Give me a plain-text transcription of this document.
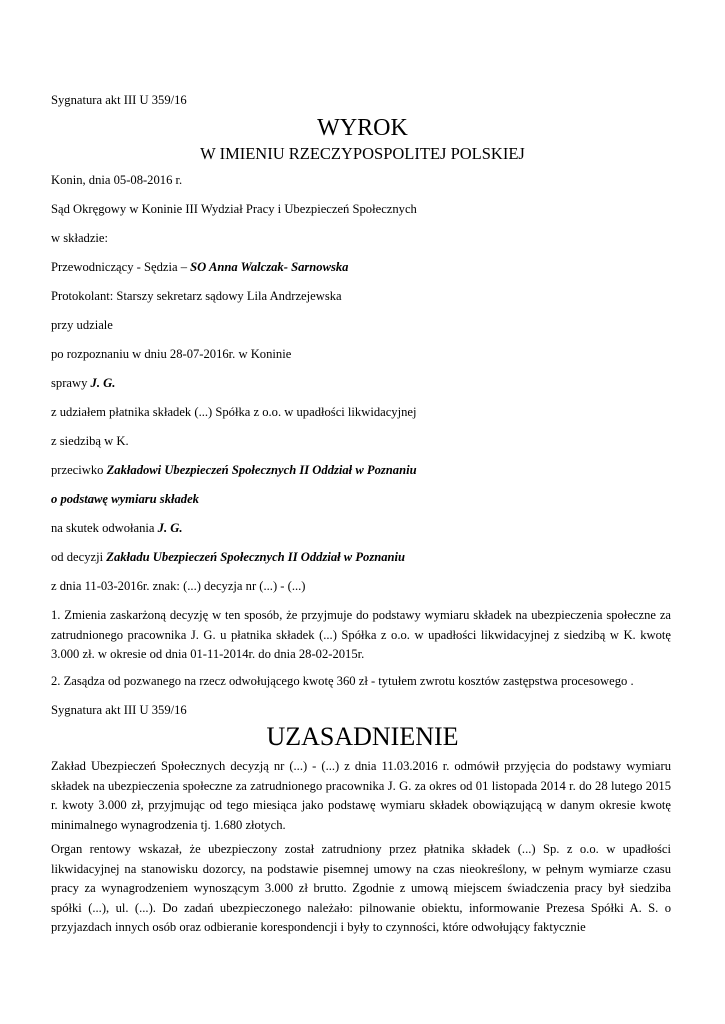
Sygnatura akt III U 359/16

WYROK
W IMIENIU RZECZYPOSPOLITEJ POLSKIEJ

Konin, dnia 05-08-2016 r.

Sąd Okręgowy w Koninie III Wydział Pracy i Ubezpieczeń Społecznych

w składzie:

Przewodniczący - Sędzia – SO Anna Walczak- Sarnowska

Protokolant: Starszy sekretarz sądowy Lila Andrzejewska

przy udziale

po rozpoznaniu w dniu 28-07-2016r. w Koninie

sprawy J. G.

z udziałem płatnika składek (...) Spółka z o.o. w upadłości likwidacyjnej

z siedzibą w K.

przeciwko Zakładowi Ubezpieczeń Społecznych II Oddział w Poznaniu

o podstawę wymiaru składek

na skutek odwołania J. G.

od decyzji Zakładu Ubezpieczeń Społecznych II Oddział w Poznaniu

z dnia 11-03-2016r. znak: (...) decyzja nr (...) - (...)

1. Zmienia zaskarżoną decyzję w ten sposób, że przyjmuje do podstawy wymiaru składek na ubezpieczenia społeczne za zatrudnionego pracownika J. G. u płatnika składek (...) Spółka z o.o. w upadłości likwidacyjnej z siedzibą w K. kwotę 3.000 zł. w okresie od dnia 01-11-2014r. do dnia 28-02-2015r.

2. Zasądza od pozwanego na rzecz odwołującego kwotę 360 zł - tytułem zwrotu kosztów zastępstwa procesowego .

Sygnatura akt III U 359/16

UZASADNIENIE

Zakład Ubezpieczeń Społecznych decyzją nr (...) - (...) z dnia 11.03.2016 r. odmówił przyjęcia do podstawy wymiaru składek na ubezpieczenia społeczne za zatrudnionego pracownika J. G. za okres od 01 listopada 2014 r. do 28 lutego 2015 r. kwoty 3.000 zł, przyjmując od tego miesiąca jako podstawę wymiaru składek obowiązującą w danym okresie kwotę minimalnego wynagrodzenia tj. 1.680 złotych.

Organ rentowy wskazał, że ubezpieczony został zatrudniony przez płatnika składek (...) Sp. z o.o. w upadłości likwidacyjnej na stanowisku dozorcy, na podstawie pisemnej umowy na czas nieokreślony, w pełnym wymiarze czasu pracy za wynagrodzeniem wynoszącym 3.000 zł brutto. Zgodnie z umową miejscem świadczenia pracy był siedziba spółki (...), ul. (...). Do zadań ubezpieczonego należało: pilnowanie obiektu, informowanie Prezesa Spółki A. S. o przyjazdach innych osób oraz odbieranie korespondencji i były to czynności, które odwołujący faktycznie
